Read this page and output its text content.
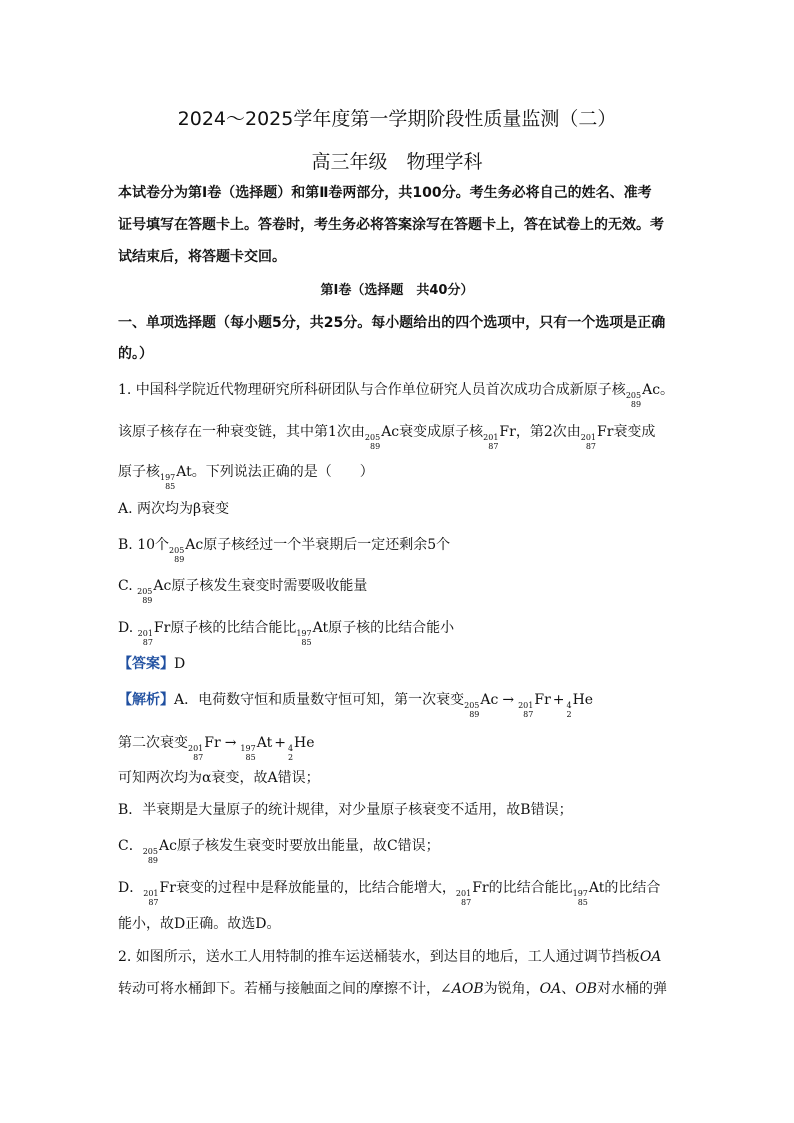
2024～2025学年度第一学期阶段性质量监测（二）
高三年级　物理学科
本试卷分为第Ⅰ卷（选择题）和第Ⅱ卷两部分，共100分。考生务必将自己的姓名、准考
证号填写在答题卡上。答卷时，考生务必将答案涂写在答题卡上，答在试卷上的无效。考
试结束后，将答题卡交回。
第Ⅰ卷（选择题　共40分）
一、单项选择题（每小题5分，共25分。每小题给出的四个选项中，只有一个选项是正确
的。）
1. 中国科学院近代物理研究所科研团队与合作单位研究人员首次成功合成新原子核 205
89
Ac。
该原子核存在一种衰变链，其中第1次由 205
89
Ac衰变成原子核 201
87
Fr，第2次由 201
87
Fr衰变成
原子核 197
85
At。下列说法正确的是（　　）
A. 两次均为β衰变
B. 10个 205
89
Ac原子核经过一个半衰期后一定还剩余5个
C. 205
89
Ac原子核发生衰变时需要吸收能量
D. 201
87
Fr原子核的比结合能比 197
85
At原子核的比结合能小
【答案】D
【解析】A．电荷数守恒和质量数守恒可知，第一次衰变 205
89
Ac → 201
87
Fr + 4
2
He
第二次衰变 201
87
Fr → 197
85
At + 4
2
He
可知两次均为α衰变，故A错误；
B．半衰期是大量原子的统计规律，对少量原子核衰变不适用，故B错误；
C． 205
89
Ac原子核发生衰变时要放出能量，故C错误；
D． 201
87
Fr衰变的过程中是释放能量的，比结合能增大， 201
87
Fr的比结合能比 197
85
At的比结合
能小，故D正确。故选D。
2. 如图所示，送水工人用特制的推车运送桶装水，到达目的地后，工人通过调节挡板OA
转动可将水桶卸下。若桶与接触面之间的摩擦不计，∠AOB为锐角，OA、OB对水桶的弹
